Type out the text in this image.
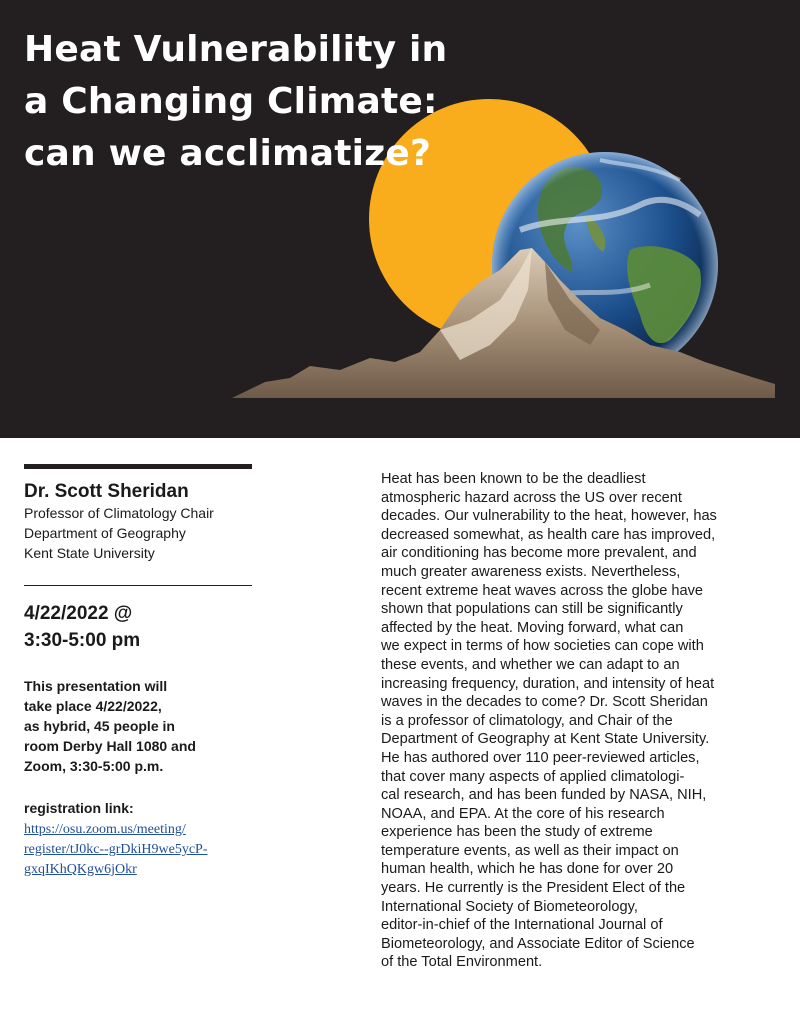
Heat Vulnerability in
a Changing Climate:
can we acclimatize?
Dr. Scott Sheridan
Professor of Climatology Chair
Department of Geography
Kent State University
4/22/2022 @
3:30-5:00 pm
This presentation will
take place 4/22/2022,
as hybrid, 45 people in
room Derby Hall 1080 and
Zoom, 3:30-5:00 p.m.
registration link:
https://osu.zoom.us/meeting/
register/tJ0kc--grDkiH9we5ycP-
gxqIKhQKgw6jOkr
Heat has been known to be the deadliest
atmospheric hazard across the US over recent
decades. Our vulnerability to the heat, however, has
decreased somewhat, as health care has improved,
air conditioning has become more prevalent, and
much greater awareness exists. Nevertheless,
recent extreme heat waves across the globe have
shown that populations can still be significantly
affected by the heat. Moving forward, what can
we expect in terms of how societies can cope with
these events, and whether we can adapt to an
increasing frequency, duration, and intensity of heat
waves in the decades to come? Dr. Scott Sheridan
is a professor of climatology, and Chair of the
Department of Geography at Kent State University.
He has authored over 110 peer-reviewed articles,
that cover many aspects of applied climatologi-
cal research, and has been funded by NASA, NIH,
NOAA, and EPA. At the core of his research
experience has been the study of extreme
temperature events, as well as their impact on
human health, which he has done for over 20
years. He currently is the President Elect of the
International Society of Biometeorology,
editor-in-chief of the International Journal of
Biometeorology, and Associate Editor of Science
of the Total Environment.
